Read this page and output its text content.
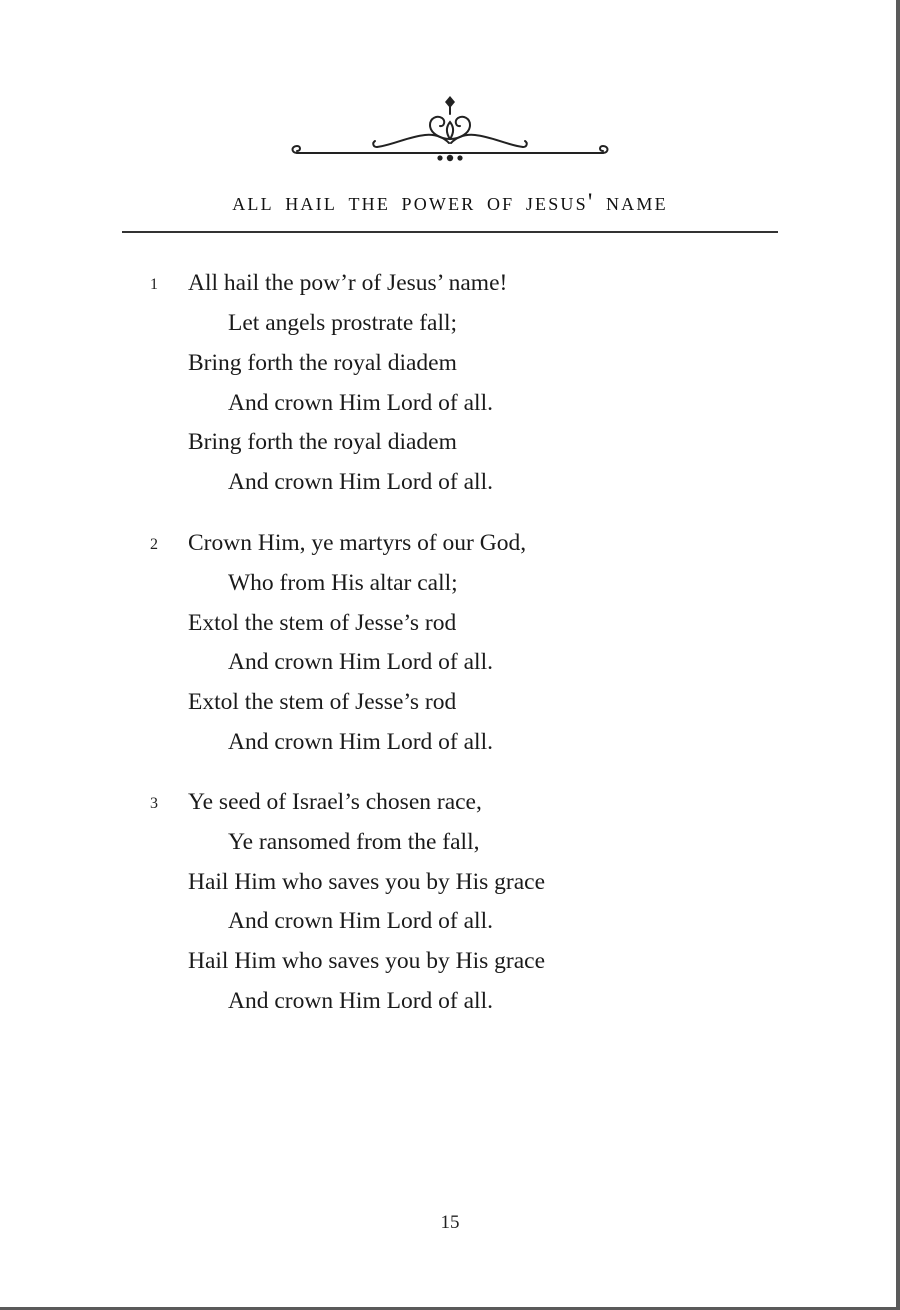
all hail the power of jesus' name
1 All hail the pow’r of Jesus’ name!
Let angels prostrate fall;
Bring forth the royal diadem
And crown Him Lord of all.
Bring forth the royal diadem
And crown Him Lord of all.
2 Crown Him, ye martyrs of our God,
Who from His altar call;
Extol the stem of Jesse’s rod
And crown Him Lord of all.
Extol the stem of Jesse’s rod
And crown Him Lord of all.
3 Ye seed of Israel’s chosen race,
Ye ransomed from the fall,
Hail Him who saves you by His grace
And crown Him Lord of all.
Hail Him who saves you by His grace
And crown Him Lord of all.
15
